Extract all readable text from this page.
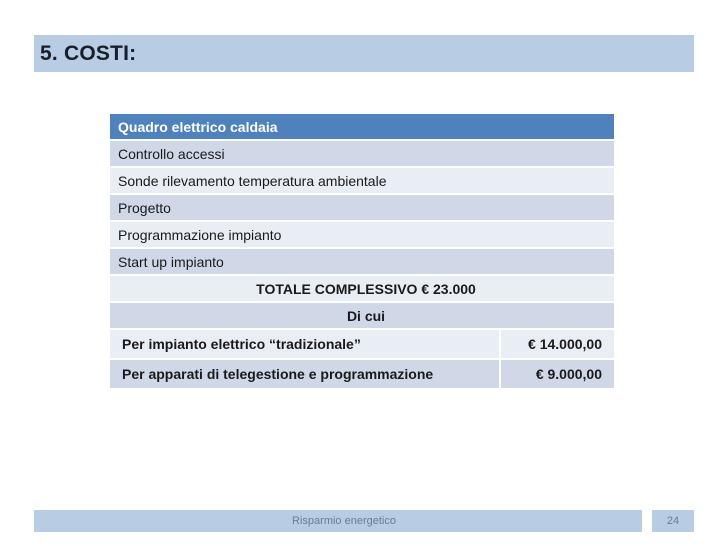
5. COSTI:
Quadro elettrico caldaia	
Controllo accessi	
Sonde rilevamento temperatura ambientale	
Progetto	
Programmazione impianto	
Start up impianto	
TOTALE COMPLESSIVO € 23.000	
Di cui	
Per impianto elettrico “tradizionale”	€ 14.000,00
Per apparati di telegestione e programmazione	€ 9.000,00
Risparmio energetico	24
